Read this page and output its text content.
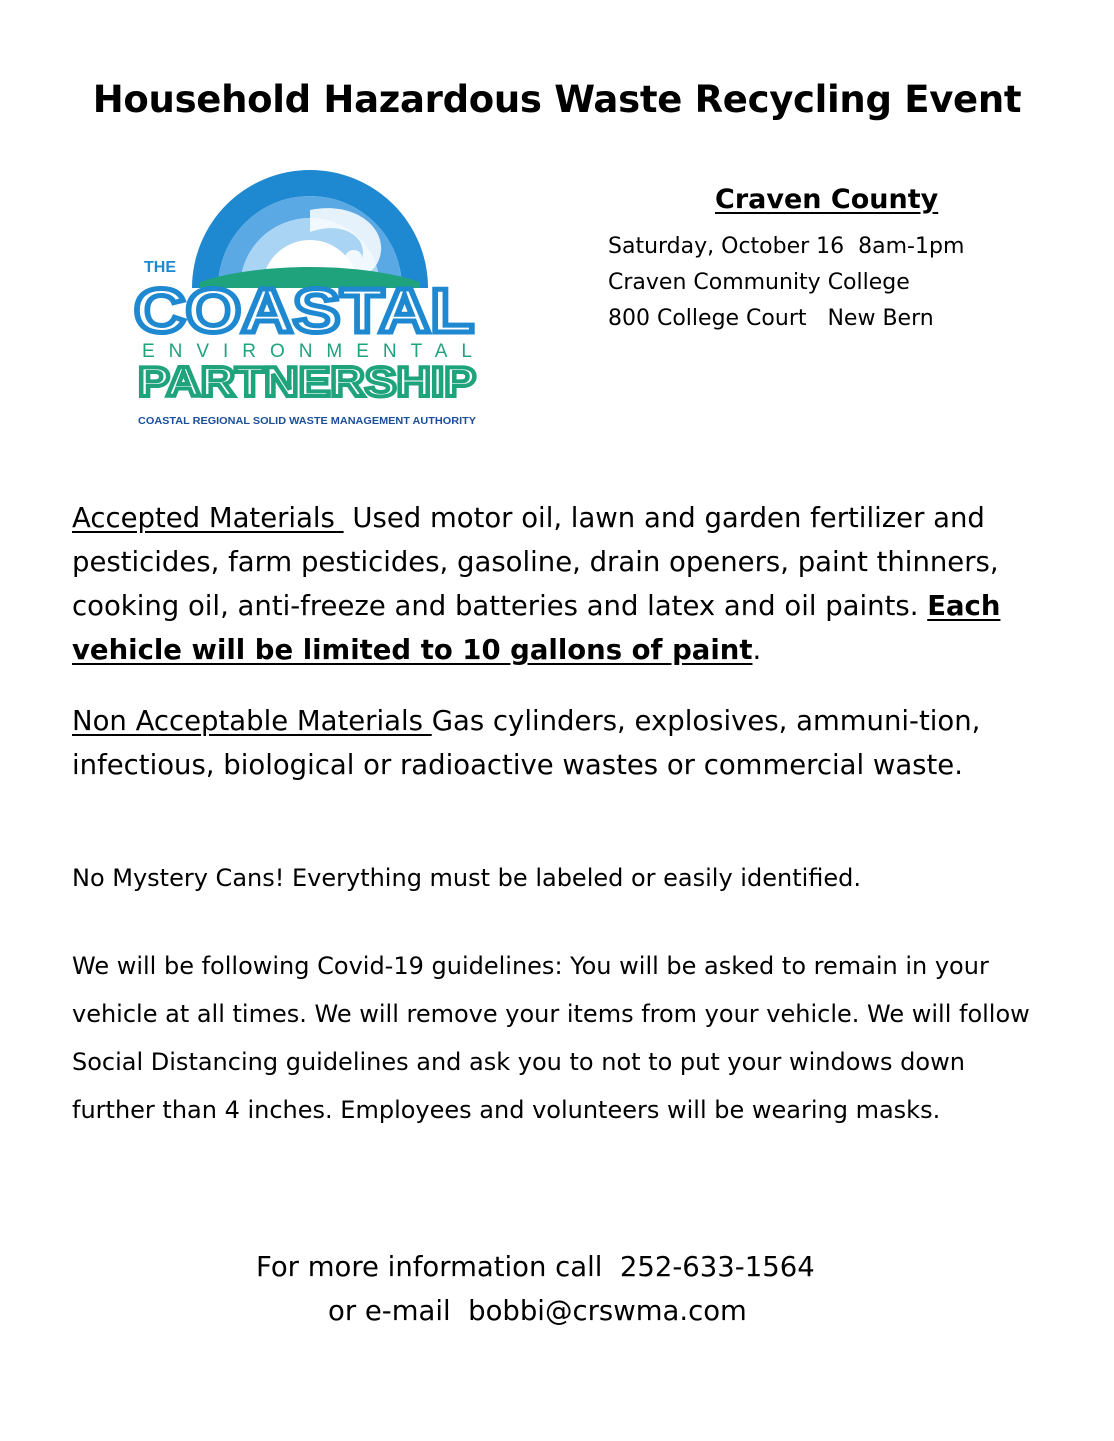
Household Hazardous Waste Recycling Event
THE
COASTAL
ENVIRONMENTAL
PARTNERSHIP
COASTAL REGIONAL SOLID WASTE MANAGEMENT AUTHORITY
Craven County
Saturday, October 16  8am-1pm
Craven Community College
800 College Court   New Bern

Accepted Materials  Used motor oil, lawn and garden fertilizer and pesticides, farm pesticides, gasoline, drain openers, paint thinners, cooking oil, anti-freeze and batteries and latex and oil paints. Each vehicle will be limited to 10 gallons of paint.

Non Acceptable Materials Gas cylinders, explosives, ammuni-tion, infectious, biological or radioactive wastes or commercial waste.

No Mystery Cans! Everything must be labeled or easily identified.

We will be following Covid-19 guidelines: You will be asked to remain in your vehicle at all times. We will remove your items from your vehicle. We will follow Social Distancing guidelines and ask you to not to put your windows down further than 4 inches. Employees and volunteers will be wearing masks.

For more information call  252-633-1564
or e-mail  bobbi@crswma.com
